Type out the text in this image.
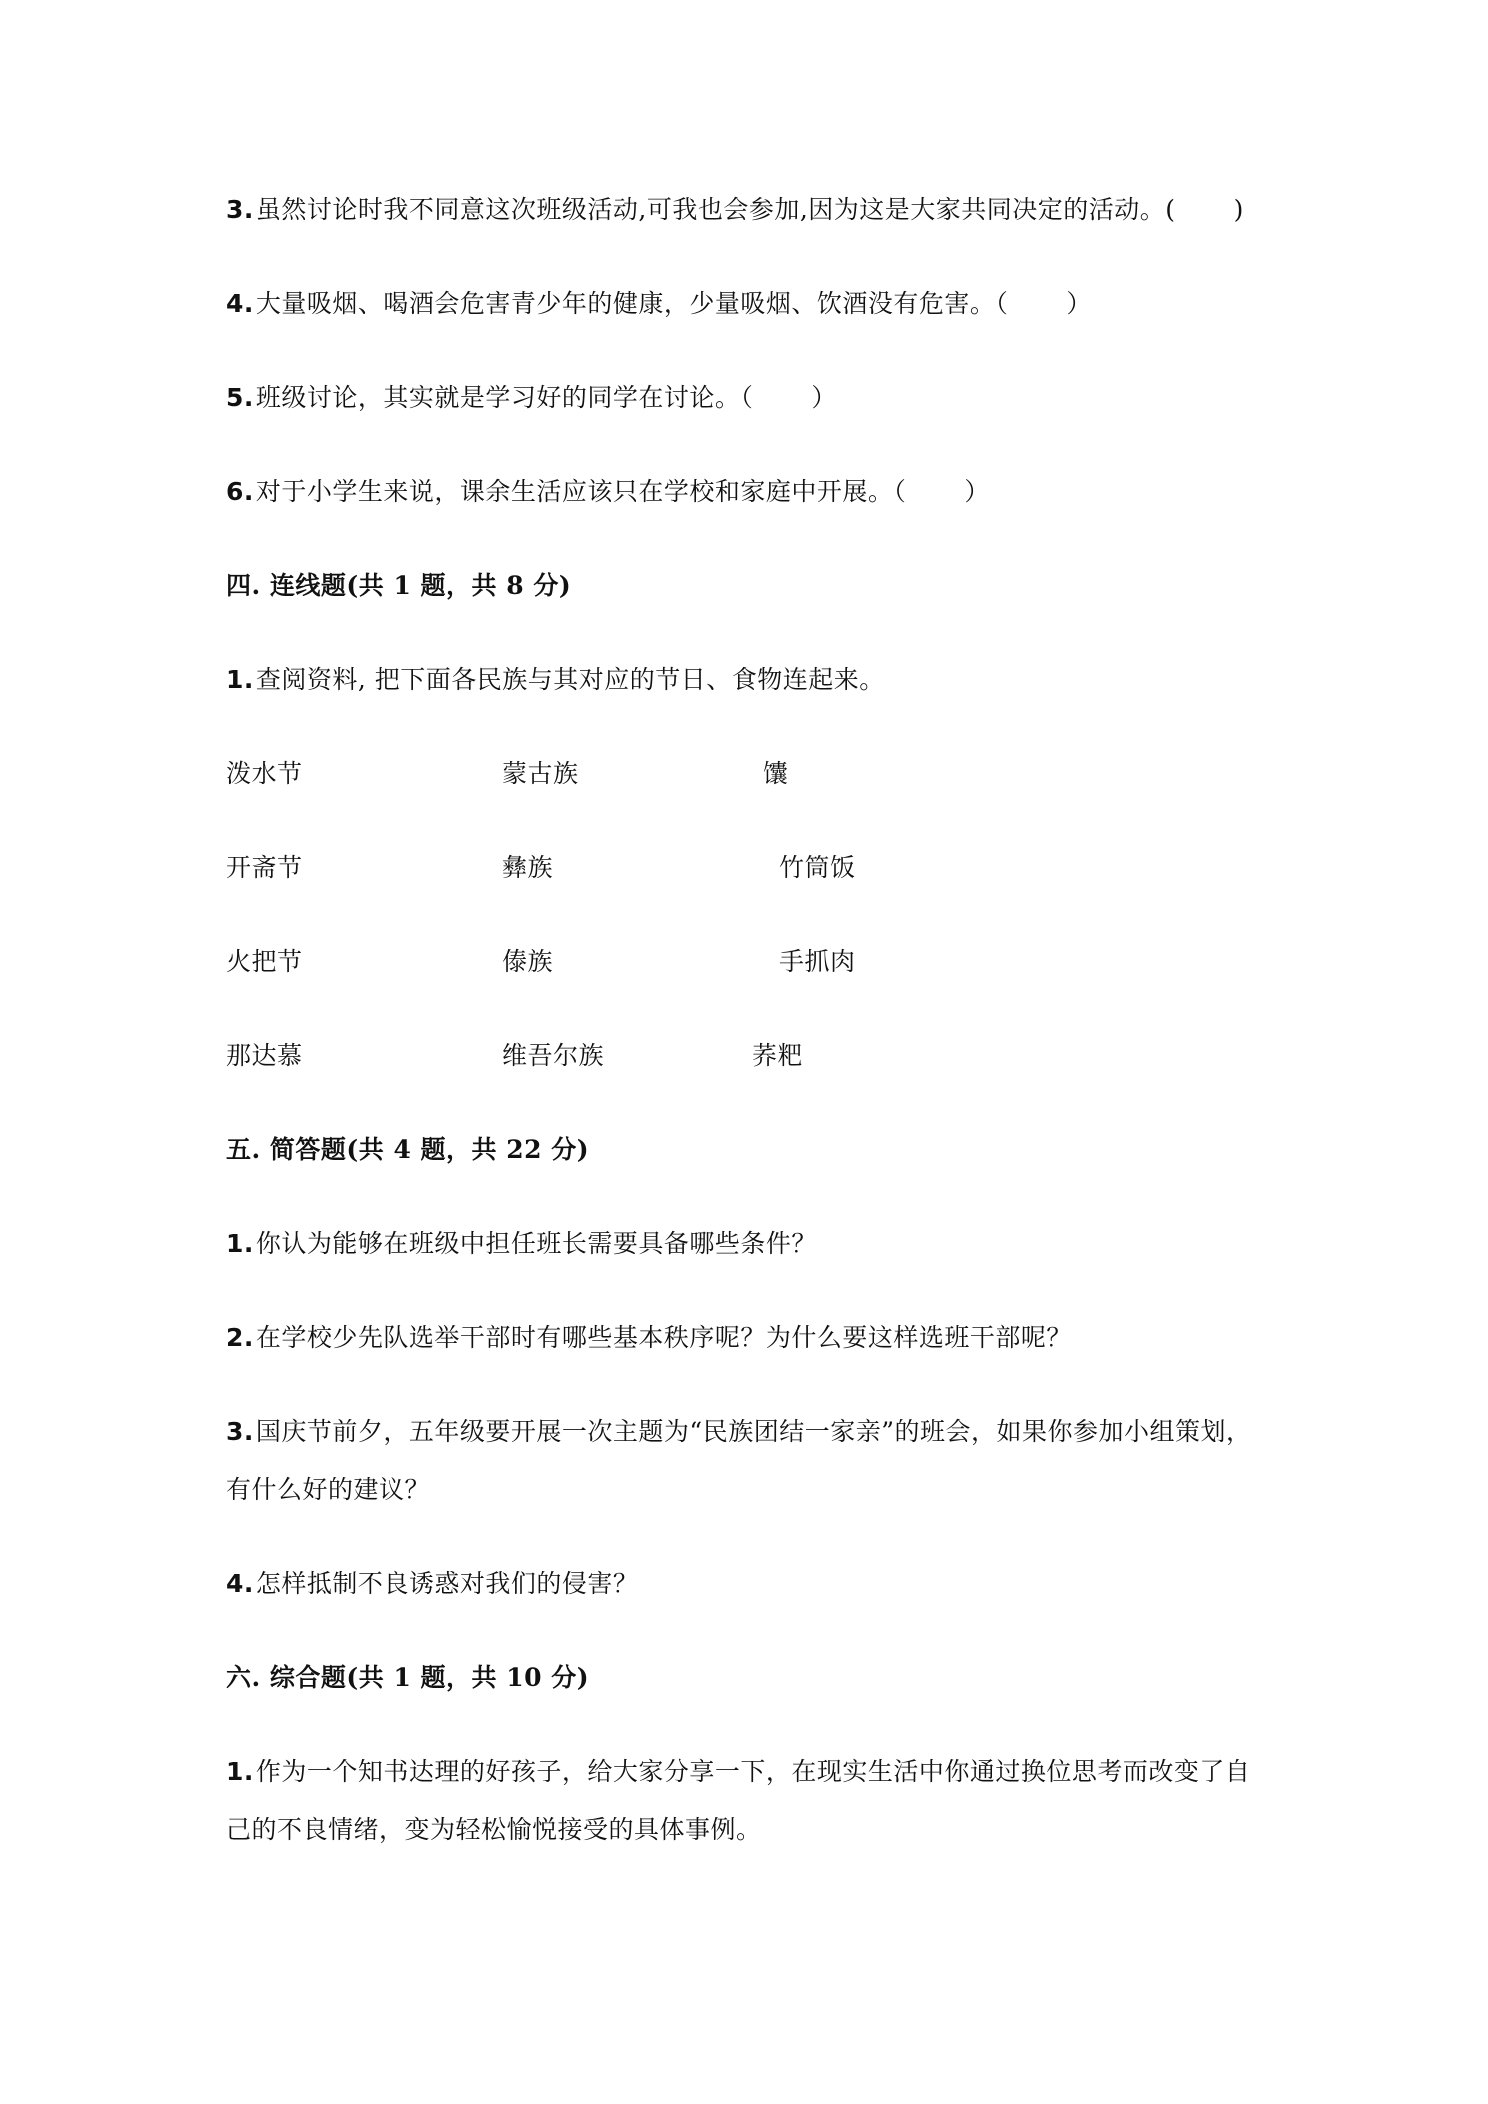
3.虽然讨论时我不同意这次班级活动,可我也会参加,因为这是大家共同决定的活动。( )
4.大量吸烟、喝酒会危害青少年的健康，少量吸烟、饮酒没有危害。（ ）
5.班级讨论，其实就是学习好的同学在讨论。（ ）
6.对于小学生来说，课余生活应该只在学校和家庭中开展。（ ）
四. 连线题(共 1 题，共 8 分)
1.查阅资料, 把下面各民族与其对应的节日、食物连起来。
泼水节	蒙古族	馕
开斋节	彝族	竹筒饭
火把节	傣族	手抓肉
那达慕	维吾尔族	荞粑
五. 简答题(共 4 题，共 22 分)
1.你认为能够在班级中担任班长需要具备哪些条件？
2.在学校少先队选举干部时有哪些基本秩序呢？为什么要这样选班干部呢？
3.国庆节前夕，五年级要开展一次主题为“民族团结一家亲”的班会，如果你参加小组策划，
有什么好的建议？
4.怎样抵制不良诱惑对我们的侵害？
六. 综合题(共 1 题，共 10 分)
1.作为一个知书达理的好孩子，给大家分享一下，在现实生活中你通过换位思考而改变了自
己的不良情绪，变为轻松愉悦接受的具体事例。
